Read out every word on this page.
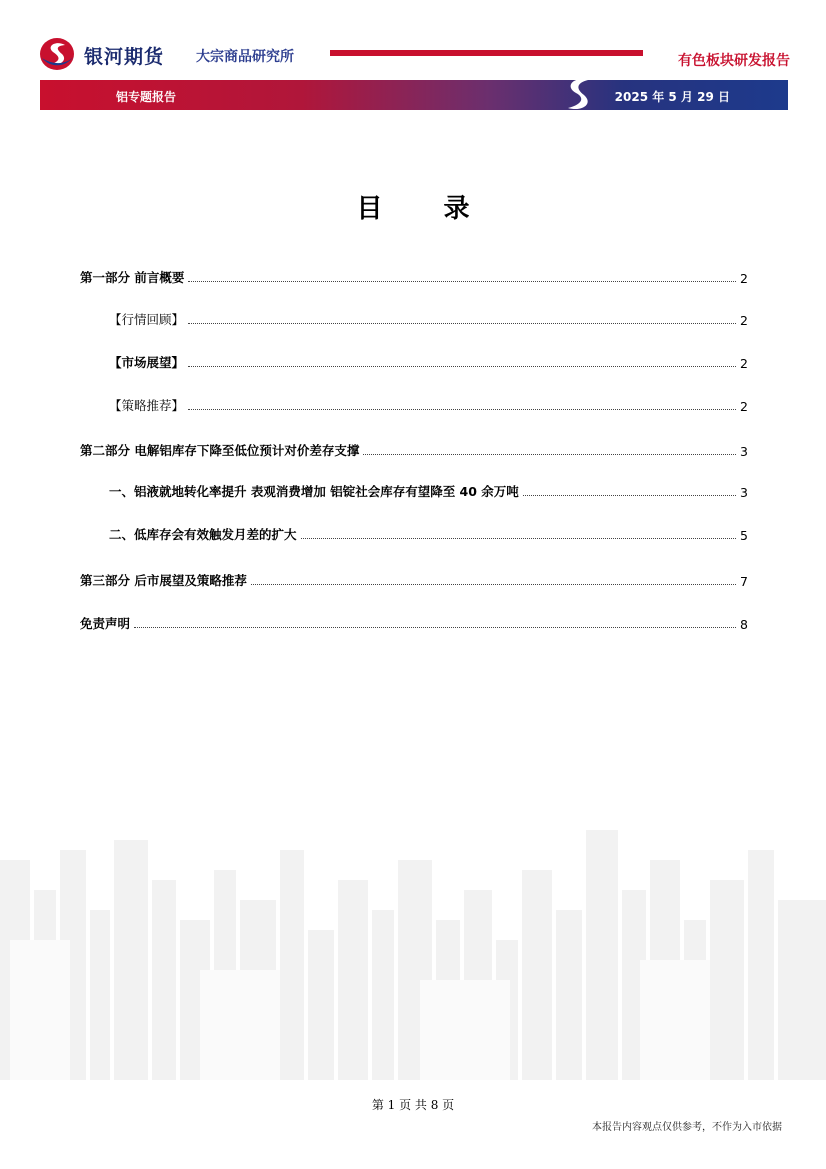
银河期货 大宗商品研究所	有色板块研发报告
铝专题报告	2025 年 5 月 29 日
目 录
第一部分 前言概要	2
【行情回顾】	2
【市场展望】	2
【策略推荐】	2
第二部分 电解铝库存下降至低位预计对价差存支撑	3
一、铝液就地转化率提升 表观消费增加 铝锭社会库存有望降至 40 余万吨	3
二、低库存会有效触发月差的扩大	5
第三部分 后市展望及策略推荐	7
免责声明	8
第 1 页 共 8 页
本报告内容观点仅供参考，不作为入市依据
